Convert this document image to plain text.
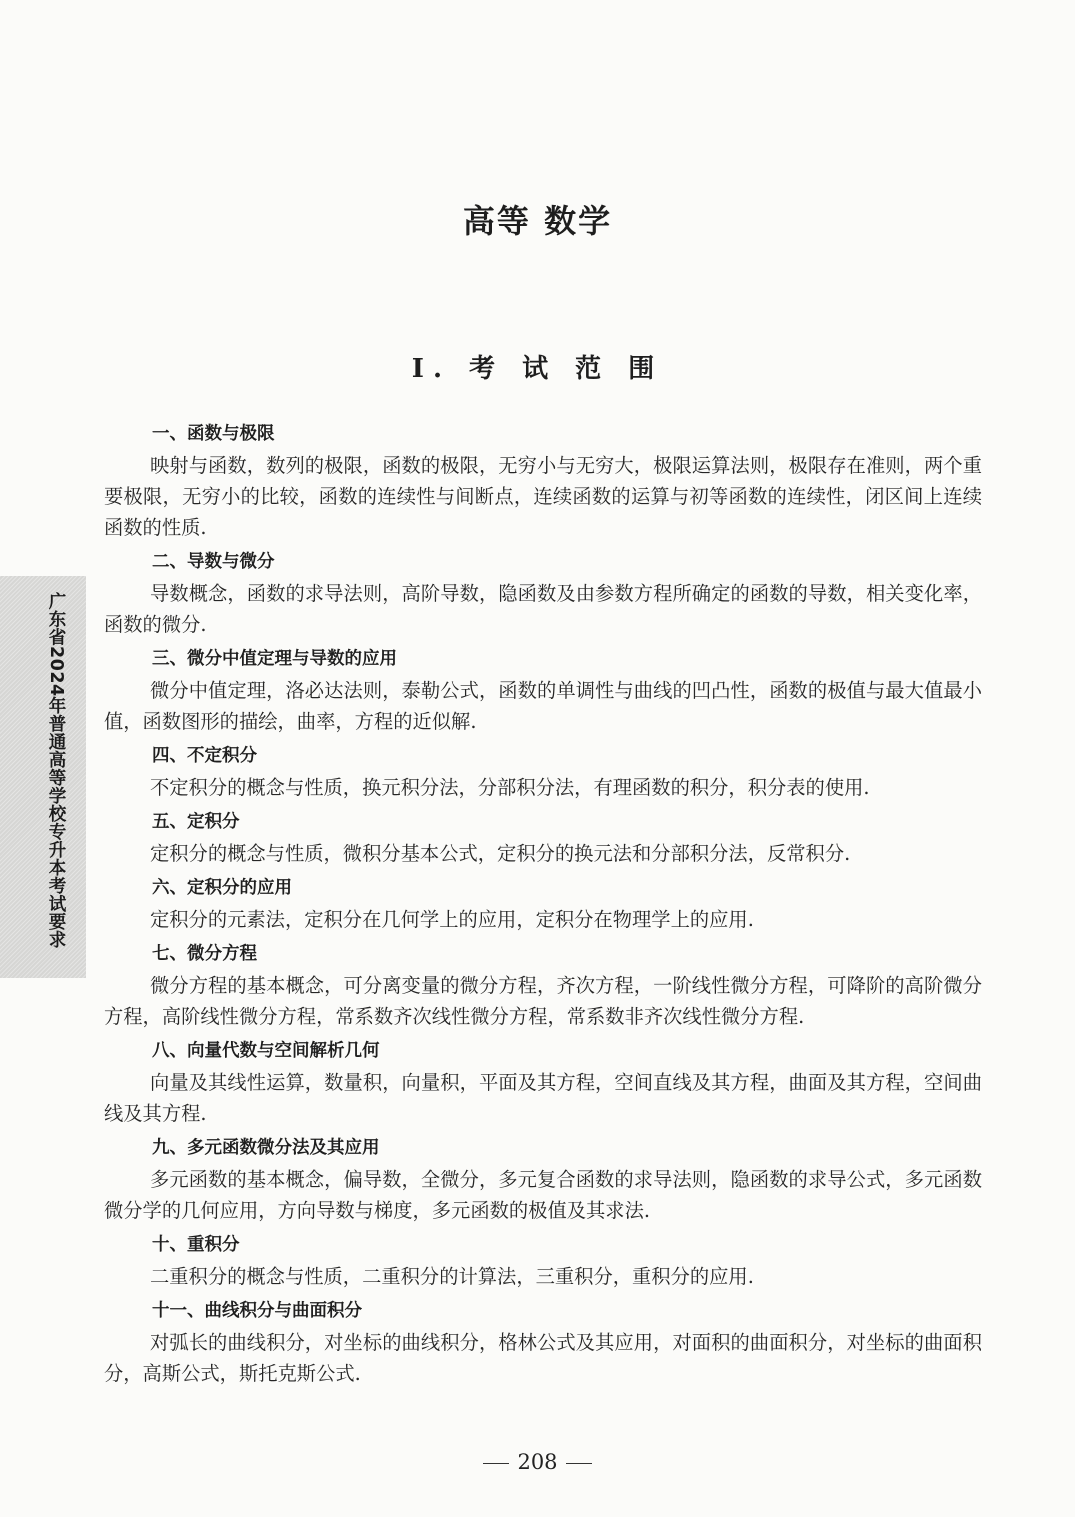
高等 数学
I. 考 试 范 围
广东省2024年普通高等学校专升本考试要求
一、函数与极限
映射与函数，数列的极限，函数的极限，无穷小与无穷大，极限运算法则，极限存在准则，两个重要极限，无穷小的比较，函数的连续性与间断点，连续函数的运算与初等函数的连续性，闭区间上连续函数的性质.
二、导数与微分
导数概念，函数的求导法则，高阶导数，隐函数及由参数方程所确定的函数的导数，相关变化率，函数的微分.
三、微分中值定理与导数的应用
微分中值定理，洛必达法则，泰勒公式，函数的单调性与曲线的凹凸性，函数的极值与最大值最小值，函数图形的描绘，曲率，方程的近似解.
四、不定积分
不定积分的概念与性质，换元积分法，分部积分法，有理函数的积分，积分表的使用.
五、定积分
定积分的概念与性质，微积分基本公式，定积分的换元法和分部积分法，反常积分.
六、定积分的应用
定积分的元素法，定积分在几何学上的应用，定积分在物理学上的应用.
七、微分方程
微分方程的基本概念，可分离变量的微分方程，齐次方程，一阶线性微分方程，可降阶的高阶微分方程，高阶线性微分方程，常系数齐次线性微分方程，常系数非齐次线性微分方程.
八、向量代数与空间解析几何
向量及其线性运算，数量积，向量积，平面及其方程，空间直线及其方程，曲面及其方程，空间曲线及其方程.
九、多元函数微分法及其应用
多元函数的基本概念，偏导数，全微分，多元复合函数的求导法则，隐函数的求导公式，多元函数微分学的几何应用，方向导数与梯度，多元函数的极值及其求法.
十、重积分
二重积分的概念与性质，二重积分的计算法，三重积分，重积分的应用.
十一、曲线积分与曲面积分
对弧长的曲线积分，对坐标的曲线积分，格林公式及其应用，对面积的曲面积分，对坐标的曲面积分，高斯公式，斯托克斯公式.
208
